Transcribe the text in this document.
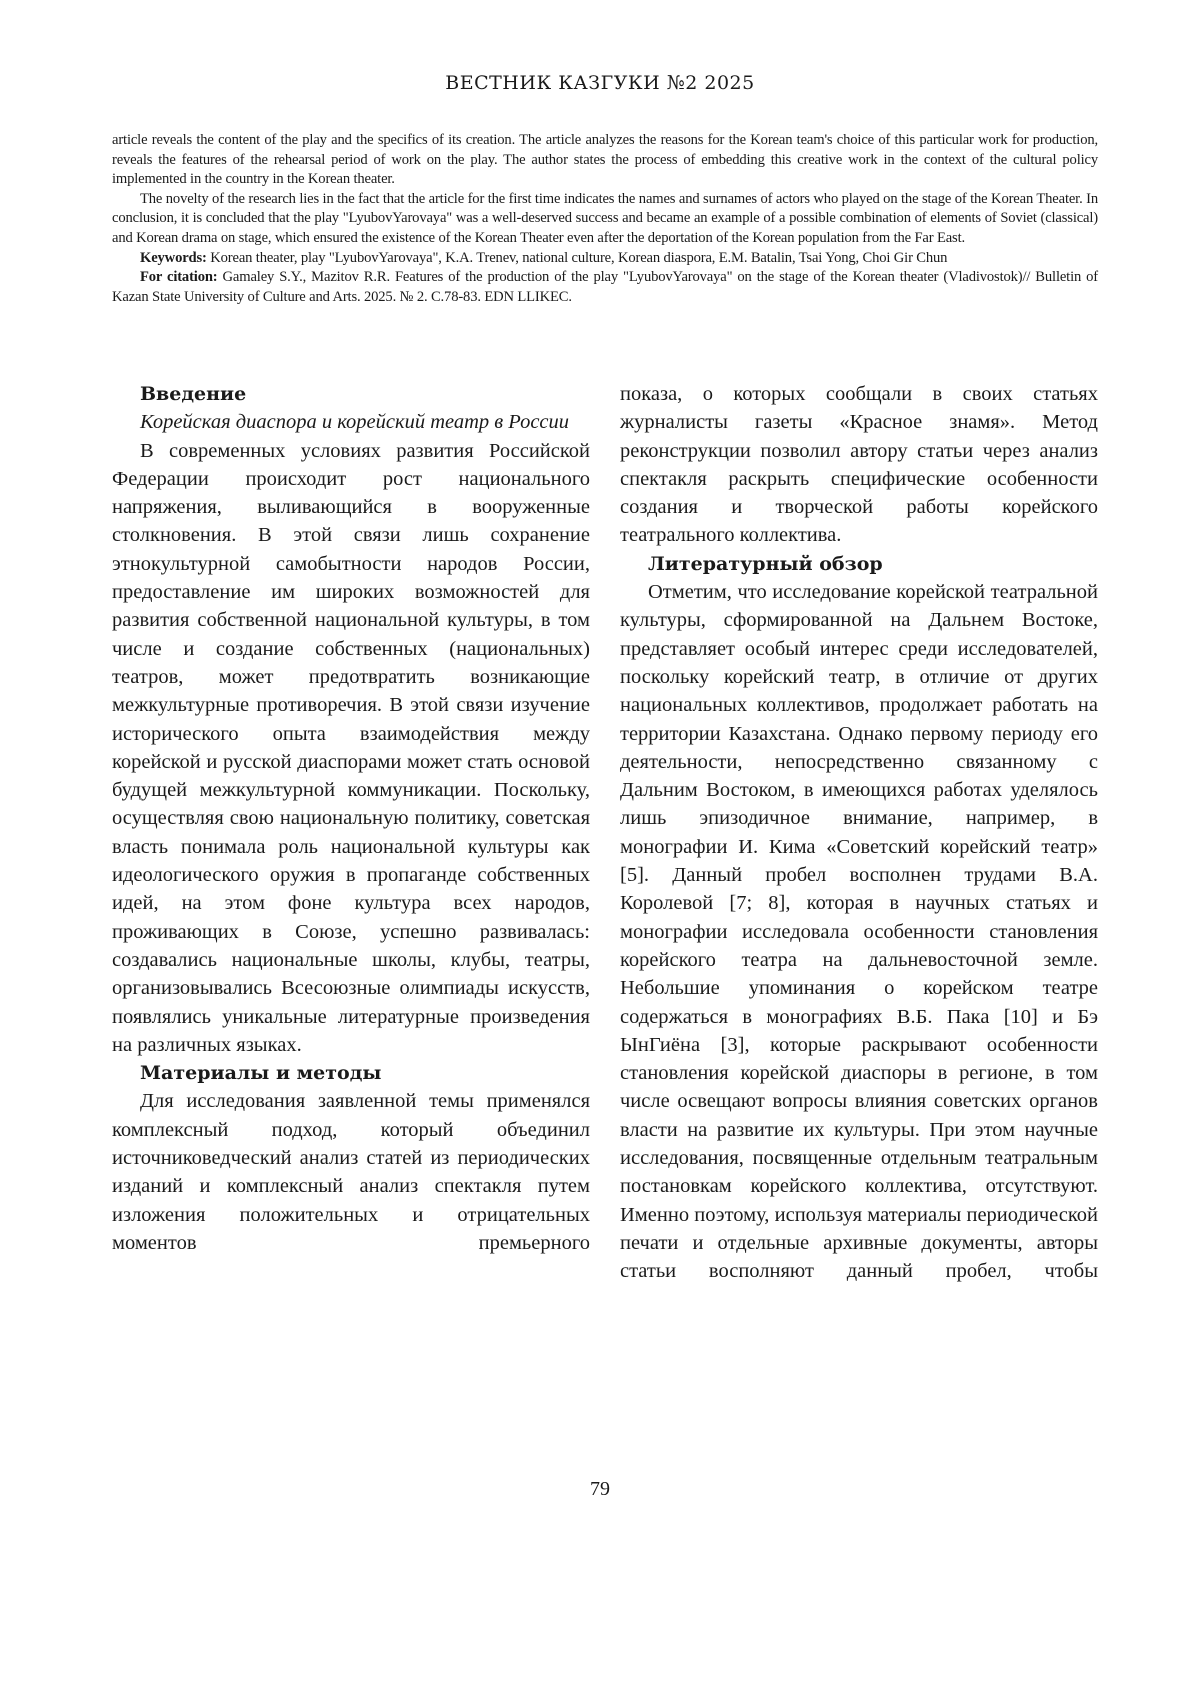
ВЕСТНИК КАЗГУКИ №2 2025

article reveals the content of the play and the specifics of its creation. The article analyzes the reasons for the Korean team's choice of this particular work for production, reveals the features of the rehearsal period of work on the play. The author states the process of embedding this creative work in the context of the cultural policy implemented in the country in the Korean theater.

The novelty of the research lies in the fact that the article for the first time indicates the names and surnames of actors who played on the stage of the Korean Theater. In conclusion, it is concluded that the play "LyubovYarovaya" was a well-deserved success and became an example of a possible combination of elements of Soviet (classical) and Korean drama on stage, which ensured the existence of the Korean Theater even after the deportation of the Korean population from the Far East.

Keywords: Korean theater, play "LyubovYarovaya", K.A. Trenev, national culture, Korean diaspora, E.M. Batalin, Tsai Yong, Choi Gir Chun

For citation: Gamaley S.Y., Mazitov R.R. Features of the production of the play "LyubovYarovaya" on the stage of the Korean theater (Vladivostok)// Bulletin of Kazan State University of Culture and Arts. 2025. № 2. C.78-83. EDN LLIKEC.

Введение

Корейская диаспора и корейский театр в России

В современных условиях развития Российской Федерации происходит рост национального напряжения, выливающийся в вооруженные столкновения. В этой связи лишь сохранение этнокультурной самобытности народов России, предоставление им широких возможностей для развития собственной национальной культуры, в том числе и создание собственных (национальных) театров, может предотвратить возникающие межкультурные противоречия. В этой связи изучение исторического опыта взаимодействия между корейской и русской диаспорами может стать основой будущей межкультурной коммуникации. Поскольку, осуществляя свою национальную политику, советская власть понимала роль национальной культуры как идеологического оружия в пропаганде собственных идей, на этом фоне культура всех народов, проживающих в Союзе, успешно развивалась: создавались национальные школы, клубы, театры, организовывались Всесоюзные олимпиады искусств, появлялись уникальные литературные произведения на различных языках.

Материалы и методы

Для исследования заявленной темы применялся комплексный подход, который объединил источниковедческий анализ статей из периодических изданий и комплексный анализ спектакля путем изложения положительных и отрицательных моментов премьерного

показа, о которых сообщали в своих статьях журналисты газеты «Красное знамя». Метод реконструкции позволил автору статьи через анализ спектакля раскрыть специфические особенности создания и творческой работы корейского театрального коллектива.

Литературный обзор

Отметим, что исследование корейской театральной культуры, сформированной на Дальнем Востоке, представляет особый интерес среди исследователей, поскольку корейский театр, в отличие от других национальных коллективов, продолжает работать на территории Казахстана. Однако первому периоду его деятельности, непосредственно связанному с Дальним Востоком, в имеющихся работах уделялось лишь эпизодичное внимание, например, в монографии И. Кима «Советский корейский театр» [5]. Данный пробел восполнен трудами В.А. Королевой [7; 8], которая в научных статьях и монографии исследовала особенности становления корейского театра на дальневосточной земле. Небольшие упоминания о корейском театре содержаться в монографиях В.Б. Пака [10] и Бэ ЫнГиёна [3], которые раскрывают особенности становления корейской диаспоры в регионе, в том числе освещают вопросы влияния советских органов власти на развитие их культуры. При этом научные исследования, посвященные отдельным театральным постановкам корейского коллектива, отсутствуют. Именно поэтому, используя материалы периодической печати и отдельные архивные документы, авторы статьи восполняют данный пробел, чтобы

79
